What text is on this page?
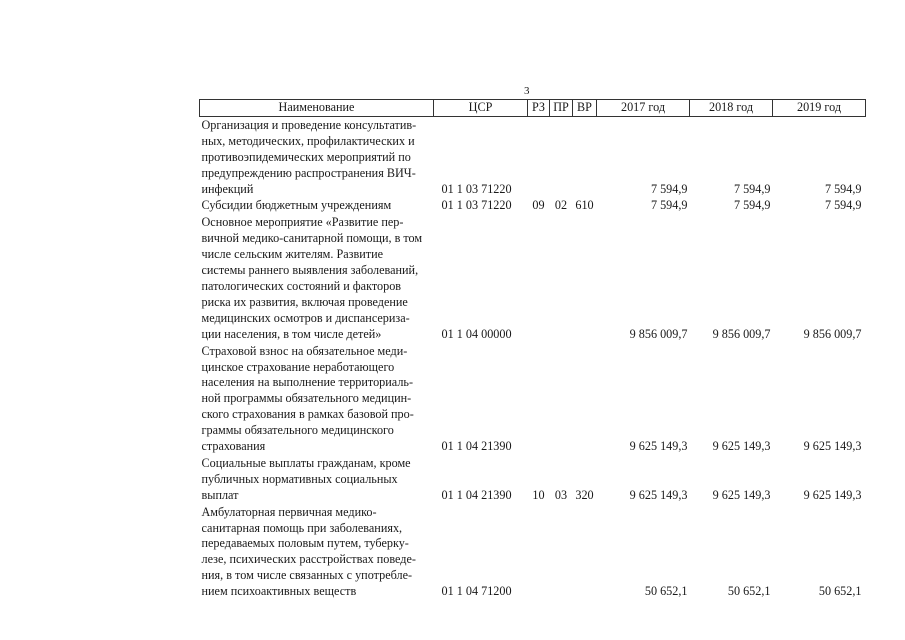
3
Наименование	ЦСР	РЗ	ПР	ВР	2017 год	2018 год	2019 год
Организация и проведение консультатив-ных, методических, профилактических и противоэпидемических мероприятий по предупреждению распространения ВИЧ-инфекций	01 1 03 71220				7 594,9	7 594,9	7 594,9
Субсидии бюджетным учреждениям	01 1 03 71220	09	02	610	7 594,9	7 594,9	7 594,9
Основное мероприятие «Развитие пер-вичной медико-санитарной помощи, в том числе сельским жителям. Развитие системы раннего выявления заболеваний, патологических состояний и факторов риска их развития, включая проведение медицинских осмотров и диспансериза-ции населения, в том числе детей»	01 1 04 00000				9 856 009,7	9 856 009,7	9 856 009,7
Страховой взнос на обязательное меди-цинское страхование неработающего населения на выполнение территориаль-ной программы обязательного медицин-ского страхования в рамках базовой про-граммы обязательного медицинского страхования	01 1 04 21390				9 625 149,3	9 625 149,3	9 625 149,3
Социальные выплаты гражданам, кроме публичных нормативных социальных выплат	01 1 04 21390	10	03	320	9 625 149,3	9 625 149,3	9 625 149,3
Амбулаторная первичная медико-санитарная помощь при заболеваниях, передаваемых половым путем, туберку-лезе, психических расстройствах поведе-ния, в том числе связанных с употребле-нием психоактивных веществ	01 1 04 71200				50 652,1	50 652,1	50 652,1
